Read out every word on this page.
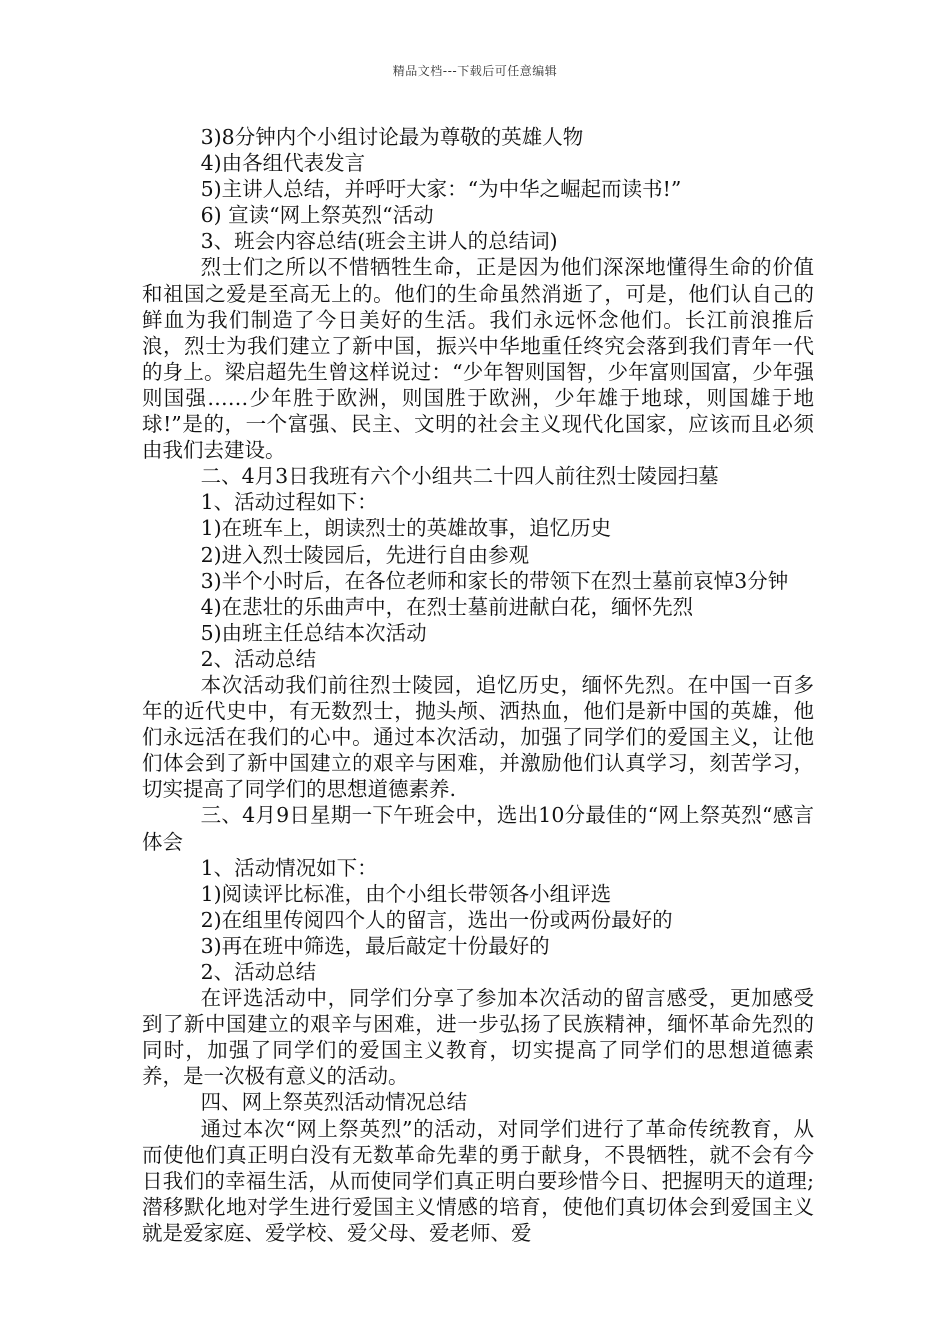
精品文档---下载后可任意编辑

3)8分钟内个小组讨论最为尊敬的英雄人物

4)由各组代表发言

5)主讲人总结，并呼吁大家：“为中华之崛起而读书!”

6) 宣读“网上祭英烈“活动

3、班会内容总结(班会主讲人的总结词)

烈士们之所以不惜牺牲生命，正是因为他们深深地懂得生命的价值和祖国之爱是至高无上的。他们的生命虽然消逝了，可是，他们认自己的鲜血为我们制造了今日美好的生活。我们永远怀念他们。长江前浪推后浪，烈士为我们建立了新中国，振兴中华地重任终究会落到我们青年一代的身上。梁启超先生曾这样说过：“少年智则国智，少年富则国富，少年强则国强……少年胜于欧洲，则国胜于欧洲，少年雄于地球，则国雄于地球!”是的，一个富强、民主、文明的社会主义现代化国家，应该而且必须由我们去建设。

二、4月3日我班有六个小组共二十四人前往烈士陵园扫墓

1、活动过程如下：

1)在班车上，朗读烈士的英雄故事，追忆历史

2)进入烈士陵园后，先进行自由参观

3)半个小时后，在各位老师和家长的带领下在烈士墓前哀悼3分钟

4)在悲壮的乐曲声中，在烈士墓前进献白花，缅怀先烈

5)由班主任总结本次活动

2、活动总结

本次活动我们前往烈士陵园，追忆历史，缅怀先烈。在中国一百多年的近代史中，有无数烈士，抛头颅、洒热血，他们是新中国的英雄，他们永远活在我们的心中。通过本次活动，加强了同学们的爱国主义，让他们体会到了新中国建立的艰辛与困难，并激励他们认真学习，刻苦学习，切实提高了同学们的思想道德素养.

三、4月9日星期一下午班会中，选出10分最佳的“网上祭英烈“感言体会

1、活动情况如下：

1)阅读评比标准，由个小组长带领各小组评选

2)在组里传阅四个人的留言，选出一份或两份最好的

3)再在班中筛选，最后敲定十份最好的

2、活动总结

在评选活动中，同学们分享了参加本次活动的留言感受，更加感受到了新中国建立的艰辛与困难，进一步弘扬了民族精神，缅怀革命先烈的同时，加强了同学们的爱国主义教育，切实提高了同学们的思想道德素养，是一次极有意义的活动。

四、网上祭英烈活动情况总结

通过本次“网上祭英烈”的活动，对同学们进行了革命传统教育，从而使他们真正明白没有无数革命先辈的勇于献身，不畏牺牲，就不会有今日我们的幸福生活，从而使同学们真正明白要珍惜今日、把握明天的道理;潜移默化地对学生进行爱国主义情感的培育，使他们真切体会到爱国主义就是爱家庭、爱学校、爱父母、爱老师、爱
